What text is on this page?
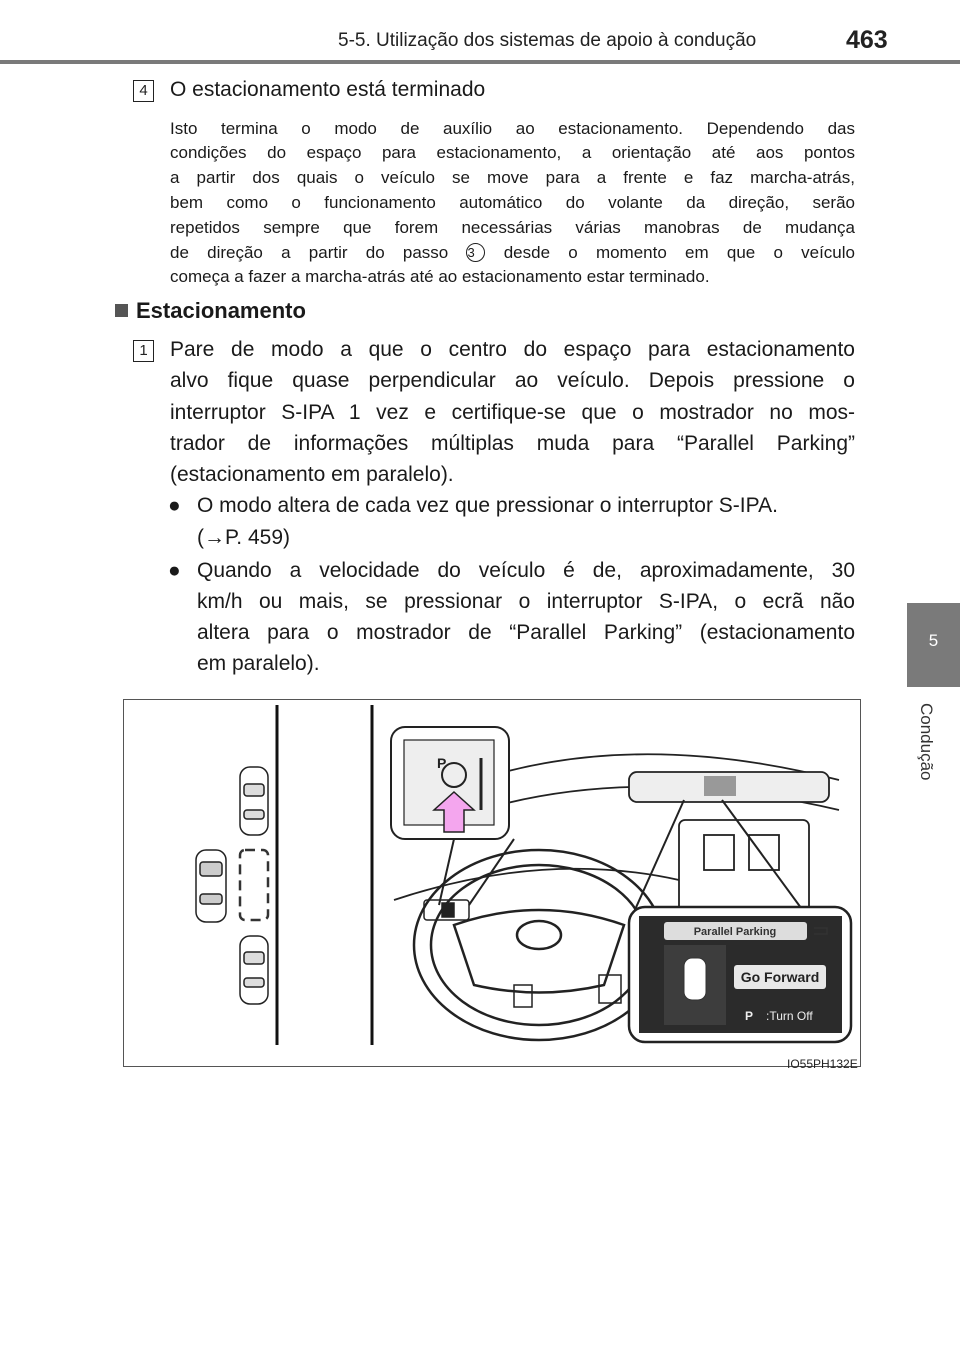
5-5. Utilização dos sistemas de apoio à condução	463
5
Condução
4	O estacionamento está terminado
Isto termina o modo de auxílio ao estacionamento. Dependendo das
condições do espaço para estacionamento, a orientação até aos pontos
a partir dos quais o veículo se move para a frente e faz marcha-atrás,
bem como o funcionamento automático do volante da direção, serão
repetidos sempre que forem necessárias várias manobras de mudança
de direção a partir do passo 3 desde o momento em que o veículo
começa a fazer a marcha-atrás até ao estacionamento estar terminado.
Estacionamento
1	Pare de modo a que o centro do espaço para estacionamento
alvo fique quase perpendicular ao veículo. Depois pressione o
interruptor S-IPA 1 vez e certifique-se que o mostrador no mos-
trador de informações múltiplas muda para “Parallel Parking”
(estacionamento em paralelo).
● O modo altera de cada vez que pressionar o interruptor S-IPA.
(→P. 459)
● Quando a velocidade do veículo é de, aproximadamente, 30
km/h ou mais, se pressionar o interruptor S-IPA, o ecrã não
altera para o mostrador de “Parallel Parking” (estacionamento
em paralelo).
P
Parallel Parking
Go Forward
P :Turn Off
IO55PH132E
